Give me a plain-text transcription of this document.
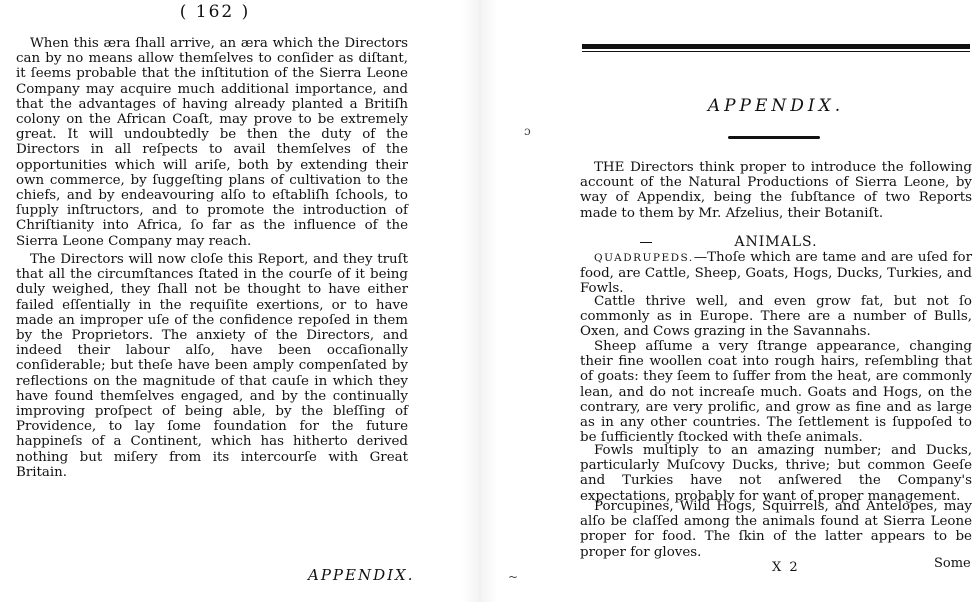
( 162 )

When this æra ſhall arrive, an æra which the Directors can by no means allow themſelves to conſider as diſtant, it ſeems probable that the inſtitution of the Sierra Leone Company may acquire much additional importance, and that the advantages of having already planted a Britiſh colony on the African Coaſt, may prove to be extremely great. It will undoubtedly be then the duty of the Directors in all reſpects to avail themſelves of the opportunities which will ariſe, both by extending their own commerce, by ſuggeſting plans of cultivation to the chiefs, and by endeavouring alſo to eſtabliſh ſchools, to ſupply inſtructors, and to promote the introduction of Chriſtianity into Africa, ſo far as the influence of the Sierra Leone Company may reach.

The Directors will now cloſe this Report, and they truſt that all the circumſtances ſtated in the courſe of it being duly weighed, they ſhall not be thought to have either failed eſſentially in the requiſite exertions, or to have made an improper uſe of the confidence repoſed in them by the Proprietors. The anxiety of the Directors, and indeed their labour alſo, have been occaſionally conſiderable; but theſe have been amply compenſated by reflections on the magnitude of that cauſe in which they have found themſelves engaged, and by the continually improving proſpect of being able, by the bleſſing of Providence, to lay ſome foundation for the future happineſs of a Continent, which has hitherto derived nothing but miſery from its intercourſe with Great Britain.

APPENDIX.
ɔ
~
APPENDIX.

THE Directors think proper to introduce the following account of the Natural Productions of Sierra Leone, by way of Appendix, being the ſubſtance of two Reports made to them by Mr. Afzelius, their Botaniſt.

ANIMALS.

QUADRUPEDS.—Thoſe which are tame and are uſed for food, are Cattle, Sheep, Goats, Hogs, Ducks, Turkies, and Fowls.

Cattle thrive well, and even grow fat, but not ſo commonly as in Europe. There are a number of Bulls, Oxen, and Cows grazing in the Savannahs.

Sheep aſſume a very ſtrange appearance, changing their fine woollen coat into rough hairs, reſembling that of goats: they ſeem to ſuffer from the heat, are commonly lean, and do not increaſe much. Goats and Hogs, on the contrary, are very prolific, and grow as fine and as large as in any other countries. The ſettlement is ſuppoſed to be ſufficiently ſtocked with theſe animals.

Fowls multiply to an amazing number; and Ducks, particularly Muſcovy Ducks, thrive; but common Geeſe and Turkies have not anſwered the Company's expectations, probably for want of proper management.

Porcupines, Wild Hogs, Squirrels, and Antelopes, may alſo be claſſed among the animals found at Sierra Leone proper for food. The ſkin of the latter appears to be proper for gloves.

X 2	Some
